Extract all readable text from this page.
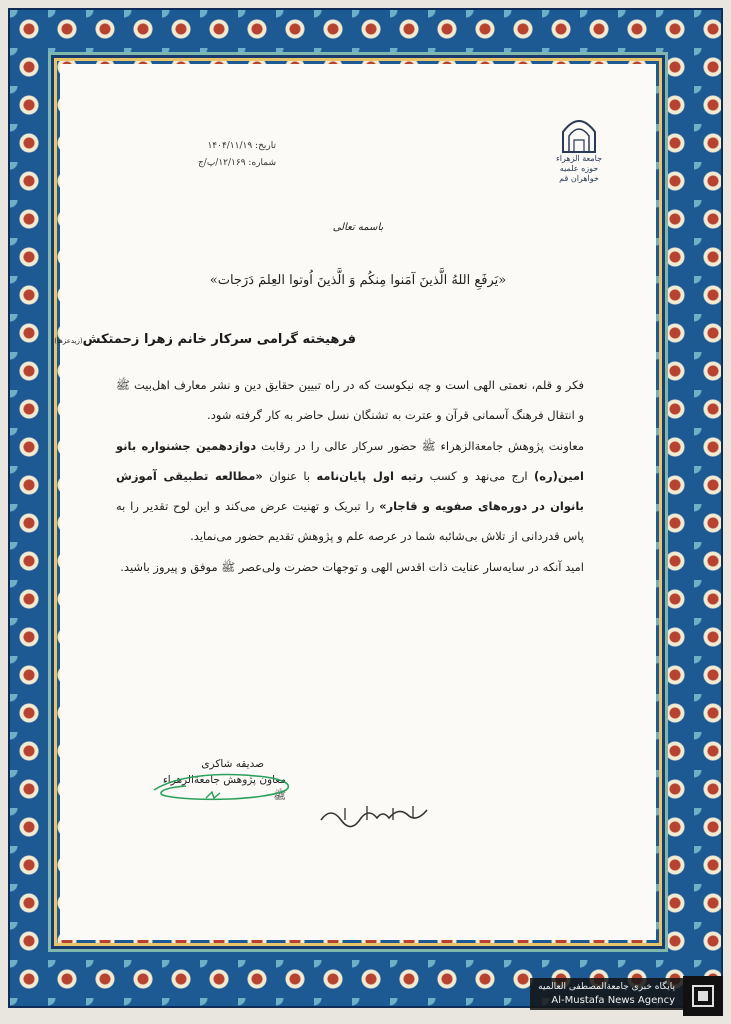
جامعة الزهراء
حوزه علمیه خواهران قم
تاریخ: ۱۴۰۴/۱۱/۱۹
شماره: ۱۲/۱۶۹/پ/ج
باسمه تعالی
«یَرفَعِ اللهُ الَّذینَ آمَنوا مِنکُم وَ الَّذینَ اُوتوا العِلمَ دَرَجات»
فرهیخته گرامی سرکار خانم زهرا زحمتکش(زیدعزها)

فکر و قلم، نعمتی الهی است و چه نیکوست که در راه تبیین حقایق دین و نشر معارف اهل‌بیت ﷺ و انتقال فرهنگ آسمانی قرآن و عترت به تشنگان نسل حاضر به کار گرفته شود.

معاونت پژوهش جامعةالزهراء ﷺ حضور سرکار عالی را در رقابت دوازدهمین جشنواره بانو امین(ره) ارج می‌نهد و کسب رتبه اول پایان‌نامه با عنوان «مطالعه تطبیقی آموزش بانوان در دوره‌های صفویه و قاجار» را تبریک و تهنیت عرض می‌کند و این لوح تقدیر را به پاس قدردانی از تلاش بی‌شائبه شما در عرصه علم و پژوهش تقدیم حضور می‌نماید.

امید آنکه در سایه‌سار عنایت ذات اقدس الهی و توجهات حضرت ولی‌عصر ﷺ موفق و پیروز باشید.

صدیقه شاکری
معاون پژوهش جامعةالزهراء ﷺ
پایگاه خبری جامعةالمصطفی العالمیه
Al-Mustafa News Agency
